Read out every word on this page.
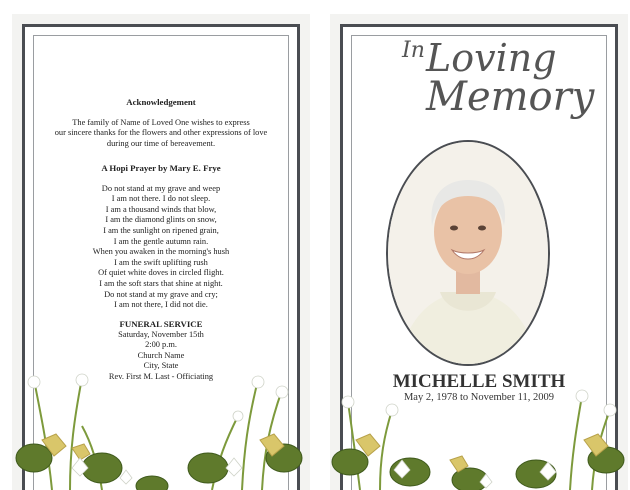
Acknowledgement
The family of Name of Loved One wishes to express
our sincere thanks for the flowers and other expressions of love
during our time of bereavement.
A Hopi Prayer by Mary E. Frye
Do not stand at my grave and weep
I am not there. I do not sleep.
I am a thousand winds that blow,
I am the diamond glints on snow,
I am the sunlight on ripened grain,
I am the gentle autumn rain.
When you awaken in the morning's hush
I am the swift uplifting rush
Of quiet white doves in circled flight.
I am the soft stars that shine at night.
Do not stand at my grave and cry;
I am not there, I did not die.
FUNERAL SERVICE
Saturday, November 15th
2:00 p.m.
Church Name
City, State
Rev. First M. Last - Officiating
In Loving
Memory
MICHELLE SMITH
May 2, 1978 to November 11, 2009
